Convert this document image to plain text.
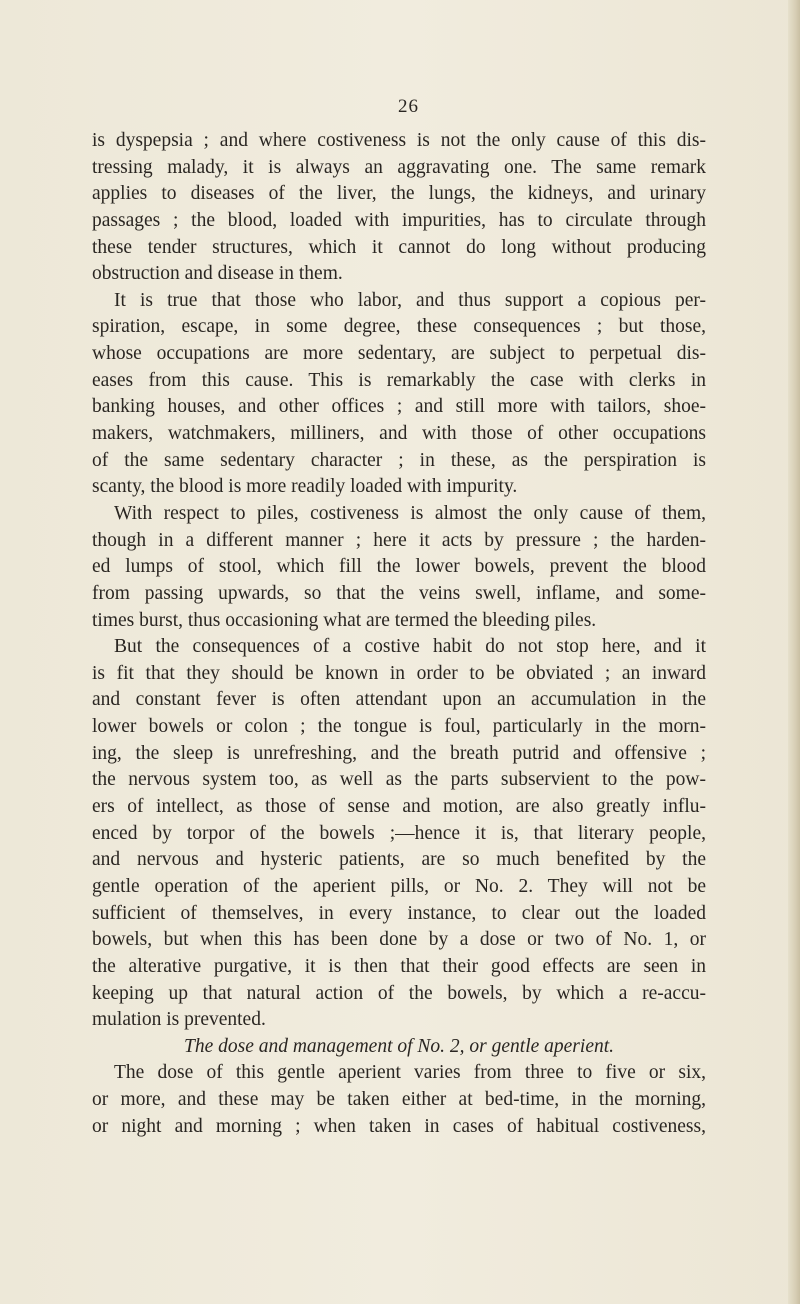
26
is dyspepsia ; and where costiveness is not the only cause of this dis-
tressing malady, it is always an aggravating one. The same remark
applies to diseases of the liver, the lungs, the kidneys, and urinary
passages ; the blood, loaded with impurities, has to circulate through
these tender structures, which it cannot do long without producing
obstruction and disease in them.
It is true that those who labor, and thus support a copious per-
spiration, escape, in some degree, these consequences ; but those,
whose occupations are more sedentary, are subject to perpetual dis-
eases from this cause. This is remarkably the case with clerks in
banking houses, and other offices ; and still more with tailors, shoe-
makers, watchmakers, milliners, and with those of other occupations
of the same sedentary character ; in these, as the perspiration is
scanty, the blood is more readily loaded with impurity.
With respect to piles, costiveness is almost the only cause of them,
though in a different manner ; here it acts by pressure ; the harden-
ed lumps of stool, which fill the lower bowels, prevent the blood
from passing upwards, so that the veins swell, inflame, and some-
times burst, thus occasioning what are termed the bleeding piles.
But the consequences of a costive habit do not stop here, and it
is fit that they should be known in order to be obviated ; an inward
and constant fever is often attendant upon an accumulation in the
lower bowels or colon ; the tongue is foul, particularly in the morn-
ing, the sleep is unrefreshing, and the breath putrid and offensive ;
the nervous system too, as well as the parts subservient to the pow-
ers of intellect, as those of sense and motion, are also greatly influ-
enced by torpor of the bowels ;—hence it is, that literary people,
and nervous and hysteric patients, are so much benefited by the
gentle operation of the aperient pills, or No. 2. They will not be
sufficient of themselves, in every instance, to clear out the loaded
bowels, but when this has been done by a dose or two of No. 1, or
the alterative purgative, it is then that their good effects are seen in
keeping up that natural action of the bowels, by which a re-accu-
mulation is prevented.
The dose and management of No. 2, or gentle aperient.
The dose of this gentle aperient varies from three to five or six,
or more, and these may be taken either at bed-time, in the morning,
or night and morning ; when taken in cases of habitual costiveness,
